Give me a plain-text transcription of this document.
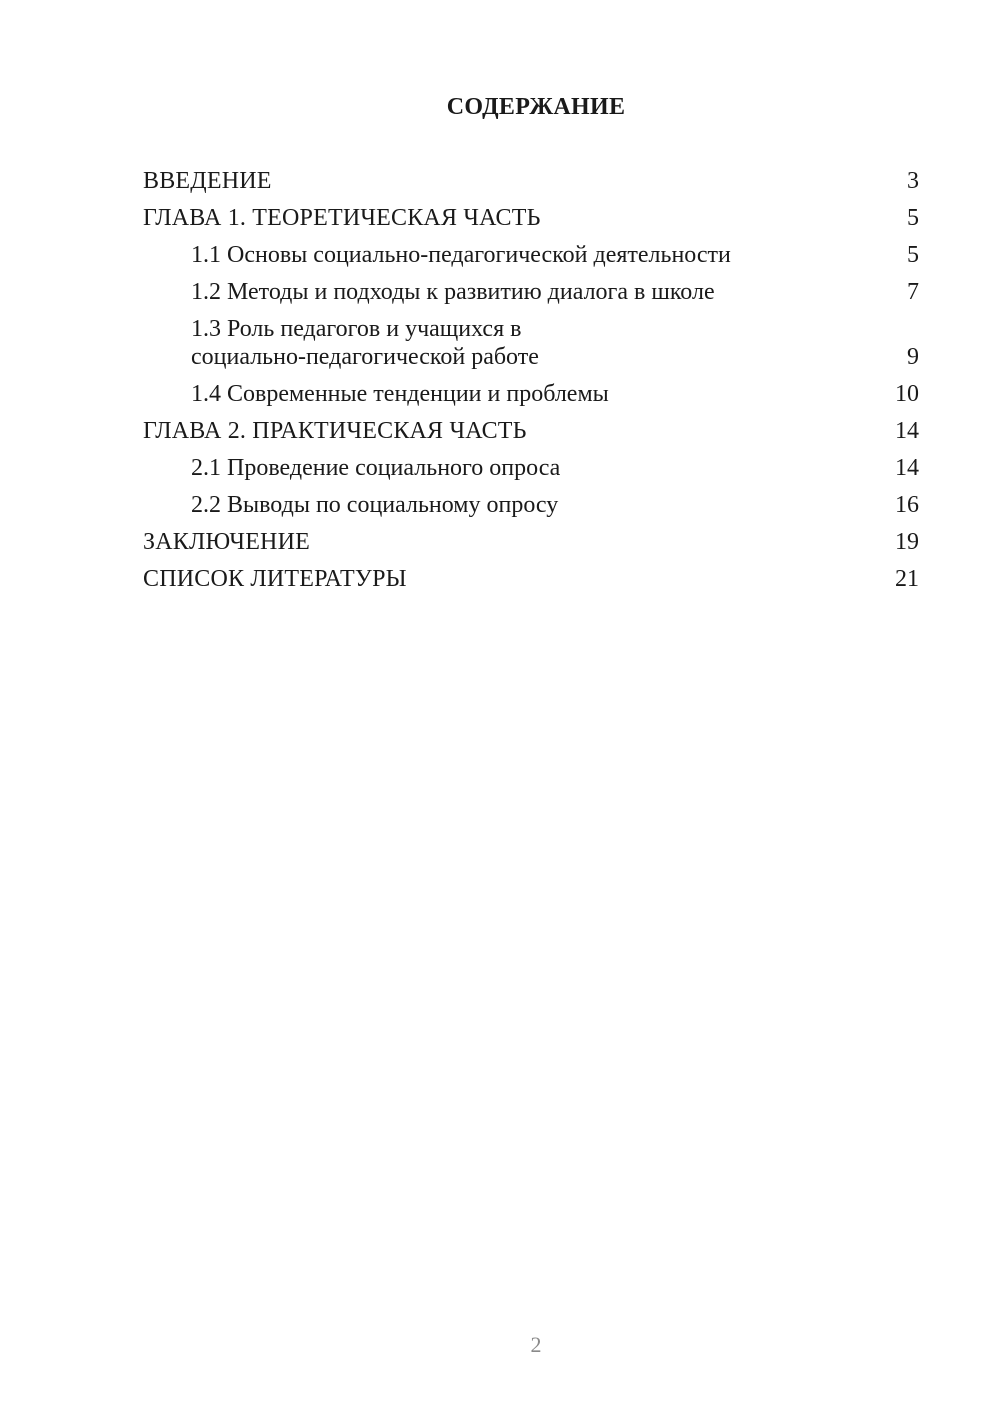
СОДЕРЖАНИЕ
ВВЕДЕНИЕ	3
ГЛАВА 1. ТЕОРЕТИЧЕСКАЯ ЧАСТЬ	5
1.1 Основы социально-педагогической деятельности	5
1.2 Методы и подходы к развитию диалога в школе	7
1.3 Роль педагогов и учащихся в
социально-педагогической работе	9
1.4 Современные тенденции и проблемы	10
ГЛАВА 2. ПРАКТИЧЕСКАЯ ЧАСТЬ	14
2.1 Проведение социального опроса	14
2.2 Выводы по социальному опросу	16
ЗАКЛЮЧЕНИЕ	19
СПИСОК ЛИТЕРАТУРЫ	21
2
